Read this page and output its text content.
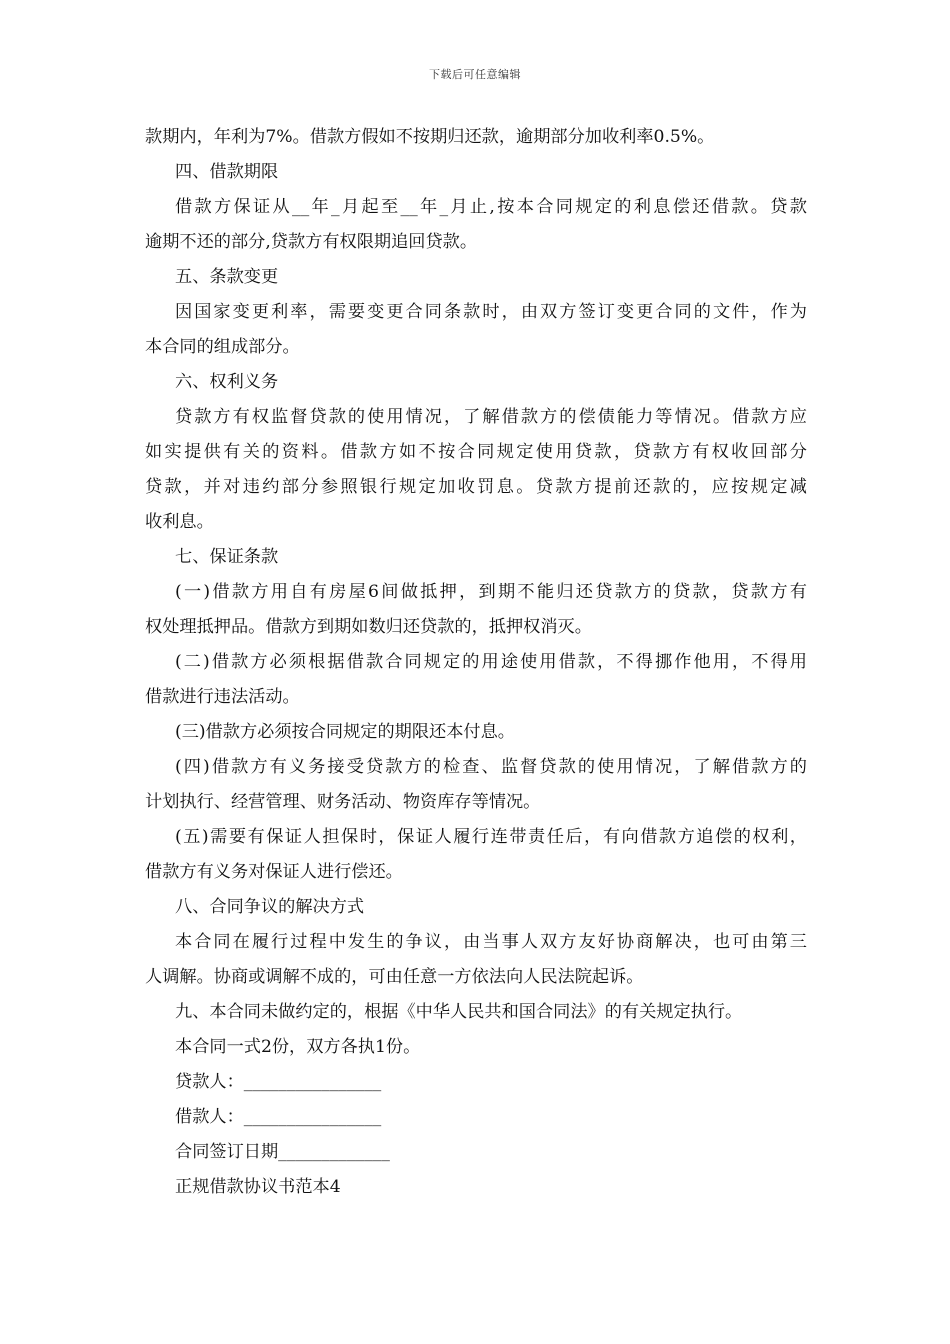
下载后可任意编辑
款期内，年利为7%。借款方假如不按期归还款，逾期部分加收利率0.5%。
四、借款期限
借款方保证从__年_月起至__年_月止,按本合同规定的利息偿还借款。贷款
逾期不还的部分,贷款方有权限期追回贷款。
五、条款变更
因国家变更利率，需要变更合同条款时，由双方签订变更合同的文件，作为
本合同的组成部分。
六、权利义务
贷款方有权监督贷款的使用情况，了解借款方的偿债能力等情况。借款方应
如实提供有关的资料。借款方如不按合同规定使用贷款，贷款方有权收回部分
贷款，并对违约部分参照银行规定加收罚息。贷款方提前还款的，应按规定减
收利息。
七、保证条款
(一)借款方用自有房屋6间做抵押，到期不能归还贷款方的贷款，贷款方有
权处理抵押品。借款方到期如数归还贷款的，抵押权消灭。
(二)借款方必须根据借款合同规定的用途使用借款，不得挪作他用，不得用
借款进行违法活动。
(三)借款方必须按合同规定的期限还本付息。
(四)借款方有义务接受贷款方的检查、监督贷款的使用情况，了解借款方的
计划执行、经营管理、财务活动、物资库存等情况。
(五)需要有保证人担保时，保证人履行连带责任后，有向借款方追偿的权利，
借款方有义务对保证人进行偿还。
八、合同争议的解决方式
本合同在履行过程中发生的争议，由当事人双方友好协商解决，也可由第三
人调解。协商或调解不成的，可由任意一方依法向人民法院起诉。
九、本合同未做约定的，根据《中华人民共和国合同法》的有关规定执行。
本合同一式2份，双方各执1份。
贷款人：________________
借款人：________________
合同签订日期_____________
正规借款协议书范本4
